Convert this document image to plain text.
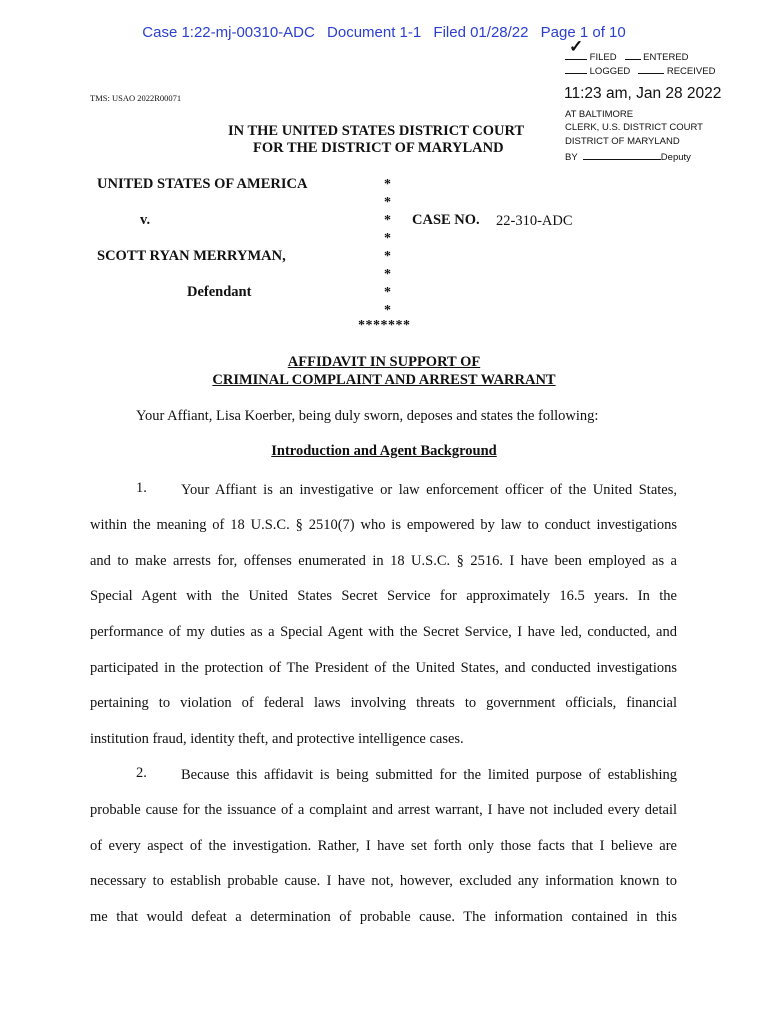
Case 1:22-mj-00310-ADC Document 1-1 Filed 01/28/22 Page 1 of 10
✓
FILED	ENTERED
LOGGED	RECEIVED
11:23 am, Jan 28 2022
AT BALTIMORE
CLERK, U.S. DISTRICT COURT
DISTRICT OF MARYLAND
BY	Deputy
TMS: USAO 2022R00071
IN THE UNITED STATES DISTRICT COURT
FOR THE DISTRICT OF MARYLAND
UNITED STATES OF AMERICA
v.
SCOTT RYAN MERRYMAN,
Defendant
*
*
*
*
*
*
*
*
*******
CASE NO. 22-310-ADC
AFFIDAVIT IN SUPPORT OF
CRIMINAL COMPLAINT AND ARREST WARRANT
Your Affiant, Lisa Koerber, being duly sworn, deposes and states the following:
Introduction and Agent Background
1. Your Affiant is an investigative or law enforcement officer of the United States,
within the meaning of 18 U.S.C. § 2510(7) who is empowered by law to conduct investigations
and to make arrests for, offenses enumerated in 18 U.S.C. § 2516. I have been employed as a
Special Agent with the United States Secret Service for approximately 16.5 years. In the
performance of my duties as a Special Agent with the Secret Service, I have led, conducted, and
participated in the protection of The President of the United States, and conducted investigations
pertaining to violation of federal laws involving threats to government officials, financial
institution fraud, identity theft, and protective intelligence cases.
2. Because this affidavit is being submitted for the limited purpose of establishing
probable cause for the issuance of a complaint and arrest warrant, I have not included every detail
of every aspect of the investigation. Rather, I have set forth only those facts that I believe are
necessary to establish probable cause. I have not, however, excluded any information known to
me that would defeat a determination of probable cause. The information contained in this
